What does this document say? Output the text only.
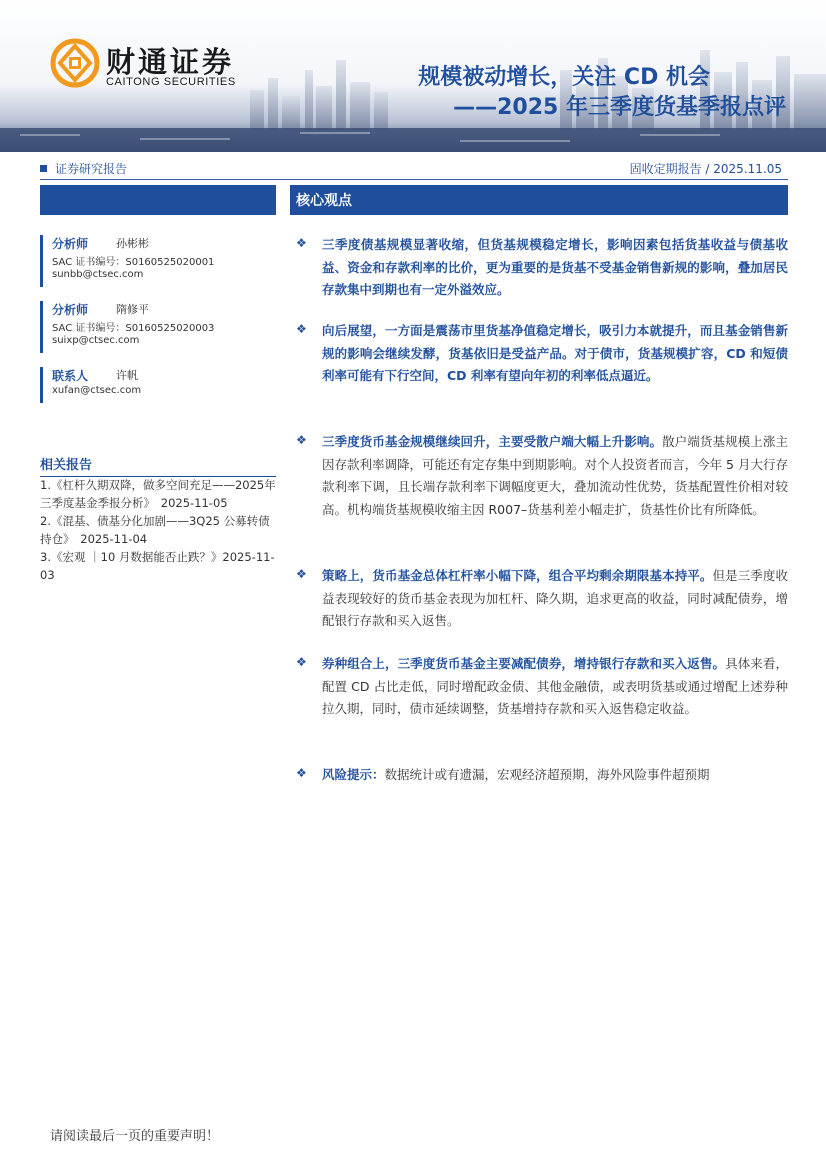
财通证券
CAITONG SECURITIES	规模被动增长，关注 CD 机会
——2025 年三季度货基季报点评
证券研究报告	固收定期报告 / 2025.11.05
分析师	孙彬彬
SAC 证书编号：S0160525020001
sunbb@ctsec.com
分析师	隋修平
SAC 证书编号：S0160525020003
suixp@ctsec.com
联系人	许帆
xufan@ctsec.com
相关报告
1.《杠杆久期双降，做多空间充足——2025年三季度基金季报分析》　2025-11-05
2.《混基、债基分化加剧——3Q25 公募转债持仓》　2025-11-04
3.《宏观 ｜10 月数据能否止跌？》2025-11-03
核心观点
❖ 三季度债基规模显著收缩，但货基规模稳定增长，影响因素包括货基收益与债基收益、资金和存款利率的比价，更为重要的是货基不受基金销售新规的影响，叠加居民存款集中到期也有一定外溢效应。
❖ 向后展望，一方面是震荡市里货基净值稳定增长，吸引力本就提升，而且基金销售新规的影响会继续发酵，货基依旧是受益产品。对于债市，货基规模扩容，CD 和短债利率可能有下行空间，CD 利率有望向年初的利率低点逼近。
❖ 三季度货币基金规模继续回升，主要受散户端大幅上升影响。散户端货基规模上涨主因存款利率调降，可能还有定存集中到期影响。对个人投资者而言，今年 5 月大行存款利率下调，且长端存款利率下调幅度更大，叠加流动性优势，货基配置性价相对较高。机构端货基规模收缩主因 R007–货基利差小幅走扩，货基性价比有所降低。
❖ 策略上，货币基金总体杠杆率小幅下降，组合平均剩余期限基本持平。但是三季度收益表现较好的货币基金表现为加杠杆、降久期，追求更高的收益，同时减配债券，增配银行存款和买入返售。
❖ 券种组合上，三季度货币基金主要减配债券，增持银行存款和买入返售。具体来看，配置 CD 占比走低，同时增配政金债、其他金融债，或表明货基或通过增配上述券种拉久期，同时，债市延续调整，货基增持存款和买入返售稳定收益。
❖ 风险提示：数据统计或有遗漏，宏观经济超预期，海外风险事件超预期
请阅读最后一页的重要声明！
